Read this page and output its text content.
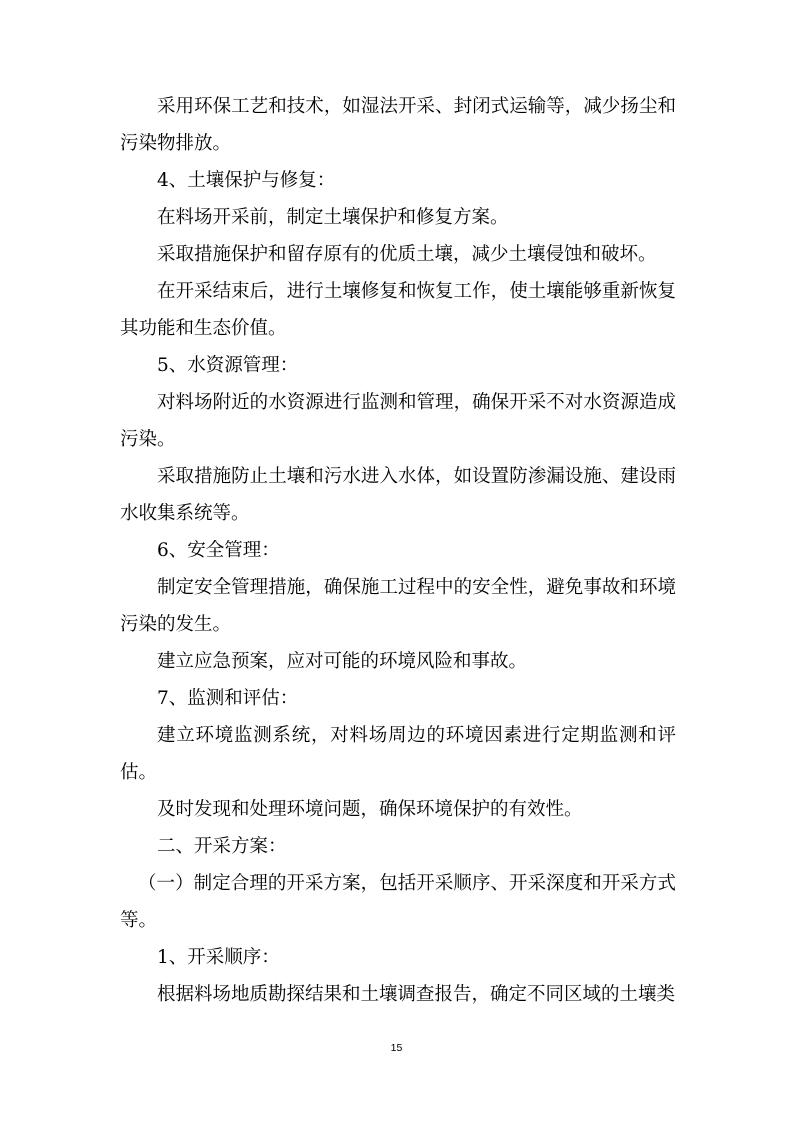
采用环保工艺和技术，如湿法开采、封闭式运输等，减少扬尘和污染物排放。

4、土壤保护与修复：

在料场开采前，制定土壤保护和修复方案。

采取措施保护和留存原有的优质土壤，减少土壤侵蚀和破坏。

在开采结束后，进行土壤修复和恢复工作，使土壤能够重新恢复其功能和生态价值。

5、水资源管理：

对料场附近的水资源进行监测和管理，确保开采不对水资源造成污染。

采取措施防止土壤和污水进入水体，如设置防渗漏设施、建设雨水收集系统等。

6、安全管理：

制定安全管理措施，确保施工过程中的安全性，避免事故和环境污染的发生。

建立应急预案，应对可能的环境风险和事故。

7、监测和评估：

建立环境监测系统，对料场周边的环境因素进行定期监测和评估。

及时发现和处理环境问题，确保环境保护的有效性。

二、开采方案：

（一）制定合理的开采方案，包括开采顺序、开采深度和开采方式等。

1、开采顺序：

根据料场地质勘探结果和土壤调查报告，确定不同区域的土壤类

15
